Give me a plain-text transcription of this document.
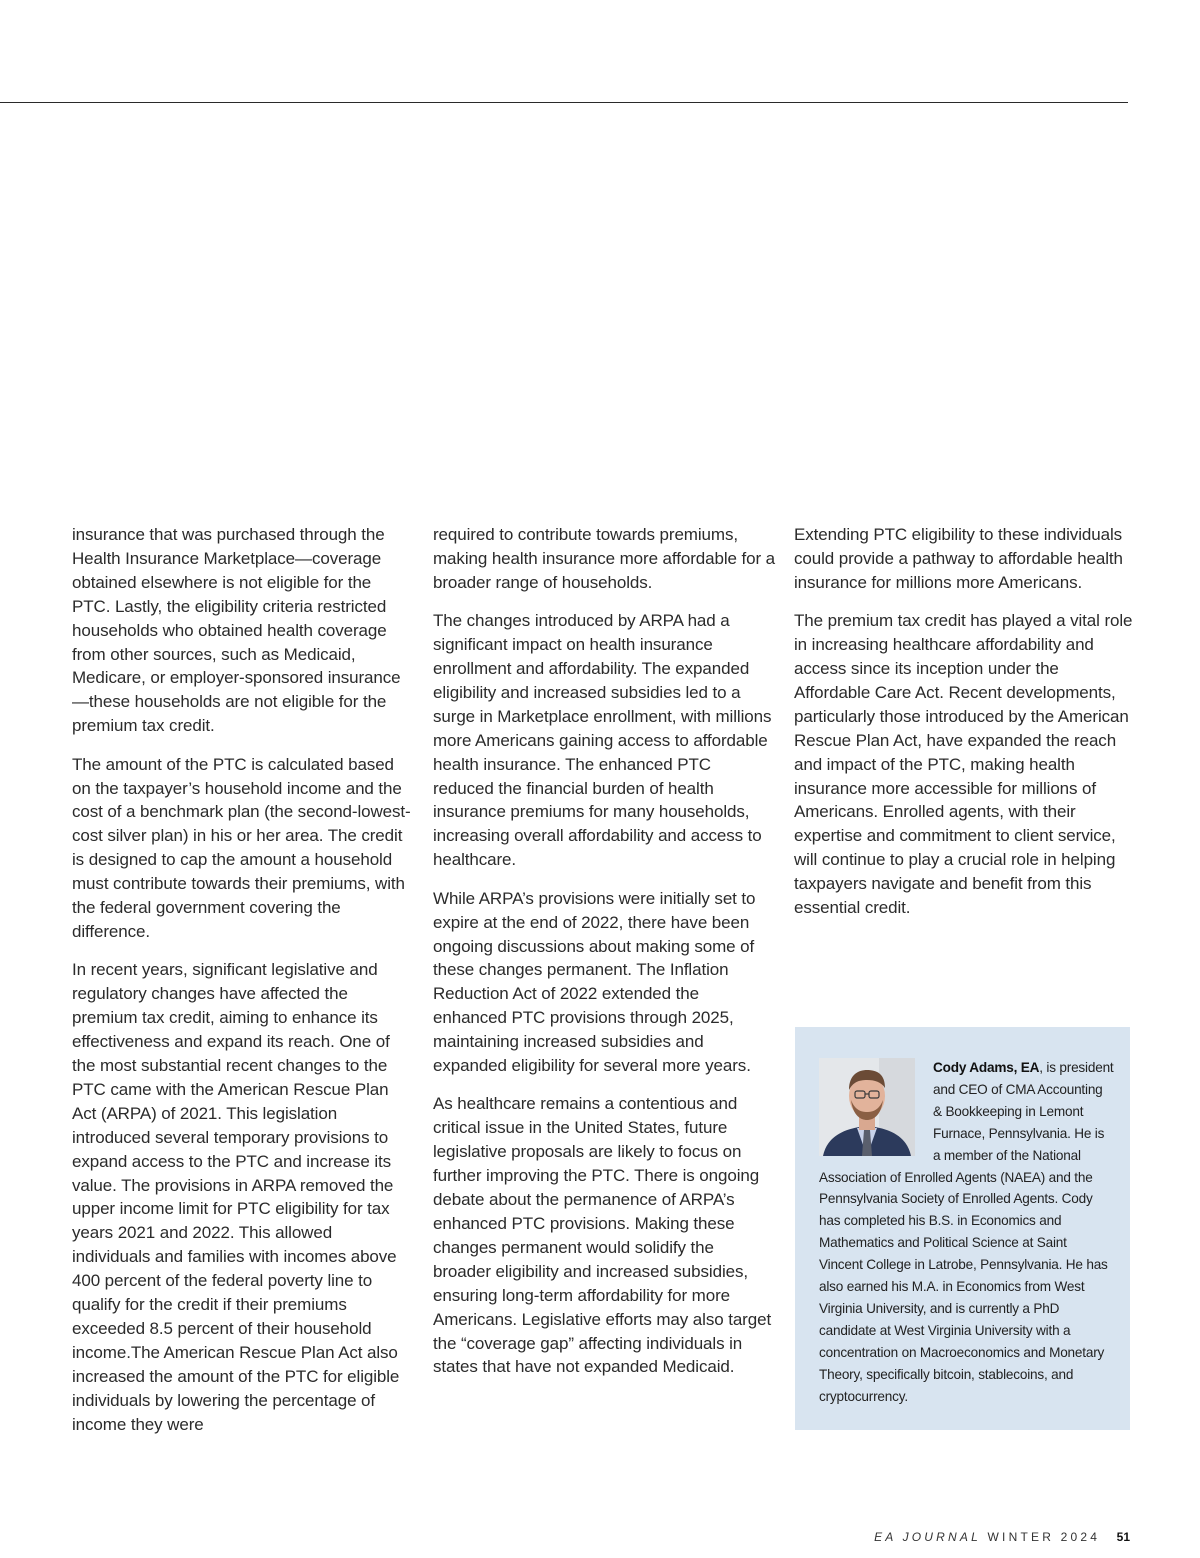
insurance that was purchased through the Health Insurance Marketplace—coverage obtained elsewhere is not eligible for the PTC. Lastly, the eligibility criteria restricted households who obtained health coverage from other sources, such as Medicaid, Medicare, or employer-sponsored insurance—these households are not eligible for the premium tax credit.

The amount of the PTC is calculated based on the taxpayer’s household income and the cost of a benchmark plan (the second-lowest-cost silver plan) in his or her area. The credit is designed to cap the amount a household must contribute towards their premiums, with the federal government covering the difference.

In recent years, significant legislative and regulatory changes have affected the premium tax credit, aiming to enhance its effectiveness and expand its reach. One of the most substantial recent changes to the PTC came with the American Rescue Plan Act (ARPA) of 2021. This legislation introduced several temporary provisions to expand access to the PTC and increase its value. The provisions in ARPA removed the upper income limit for PTC eligibility for tax years 2021 and 2022. This allowed individuals and families with incomes above 400 percent of the federal poverty line to qualify for the credit if their premiums exceeded 8.5 percent of their household income.The American Rescue Plan Act also increased the amount of the PTC for eligible individuals by lowering the percentage of income they were

required to contribute towards premiums, making health insurance more affordable for a broader range of households.

The changes introduced by ARPA had a significant impact on health insurance enrollment and affordability. The expanded eligibility and increased subsidies led to a surge in Marketplace enrollment, with millions more Americans gaining access to affordable health insurance. The enhanced PTC reduced the financial burden of health insurance premiums for many households, increasing overall affordability and access to healthcare.

While ARPA’s provisions were initially set to expire at the end of 2022, there have been ongoing discussions about making some of these changes permanent. The Inflation Reduction Act of 2022 extended the enhanced PTC provisions through 2025, maintaining increased subsidies and expanded eligibility for several more years.

As healthcare remains a contentious and critical issue in the United States, future legislative proposals are likely to focus on further improving the PTC. There is ongoing debate about the permanence of ARPA’s enhanced PTC provisions. Making these changes permanent would solidify the broader eligibility and increased subsidies, ensuring long-term affordability for more Americans. Legislative efforts may also target the “coverage gap” affecting individuals in states that have not expanded Medicaid.

Extending PTC eligibility to these individuals could provide a pathway to affordable health insurance for millions more Americans.

The premium tax credit has played a vital role in increasing healthcare affordability and access since its inception under the Affordable Care Act. Recent developments, particularly those introduced by the American Rescue Plan Act, have expanded the reach and impact of the PTC, making health insurance more accessible for millions of Americans. Enrolled agents, with their expertise and commitment to client service, will continue to play a crucial role in helping taxpayers navigate and benefit from this essential credit.

Cody Adams, EA, is president and CEO of CMA Accounting & Bookkeeping in Lemont Furnace, Pennsylvania. He is a member of the National Association of Enrolled Agents (NAEA) and the Pennsylvania Society of Enrolled Agents. Cody has completed his B.S. in Economics and Mathematics and Political Science at Saint Vincent College in Latrobe, Pennsylvania. He has also earned his M.A. in Economics from West Virginia University, and is currently a PhD candidate at West Virginia University with a concentration on Macroeconomics and Monetary Theory, specifically bitcoin, stablecoins, and cryptocurrency.
EA JOURNAL WINTER 2024 51
